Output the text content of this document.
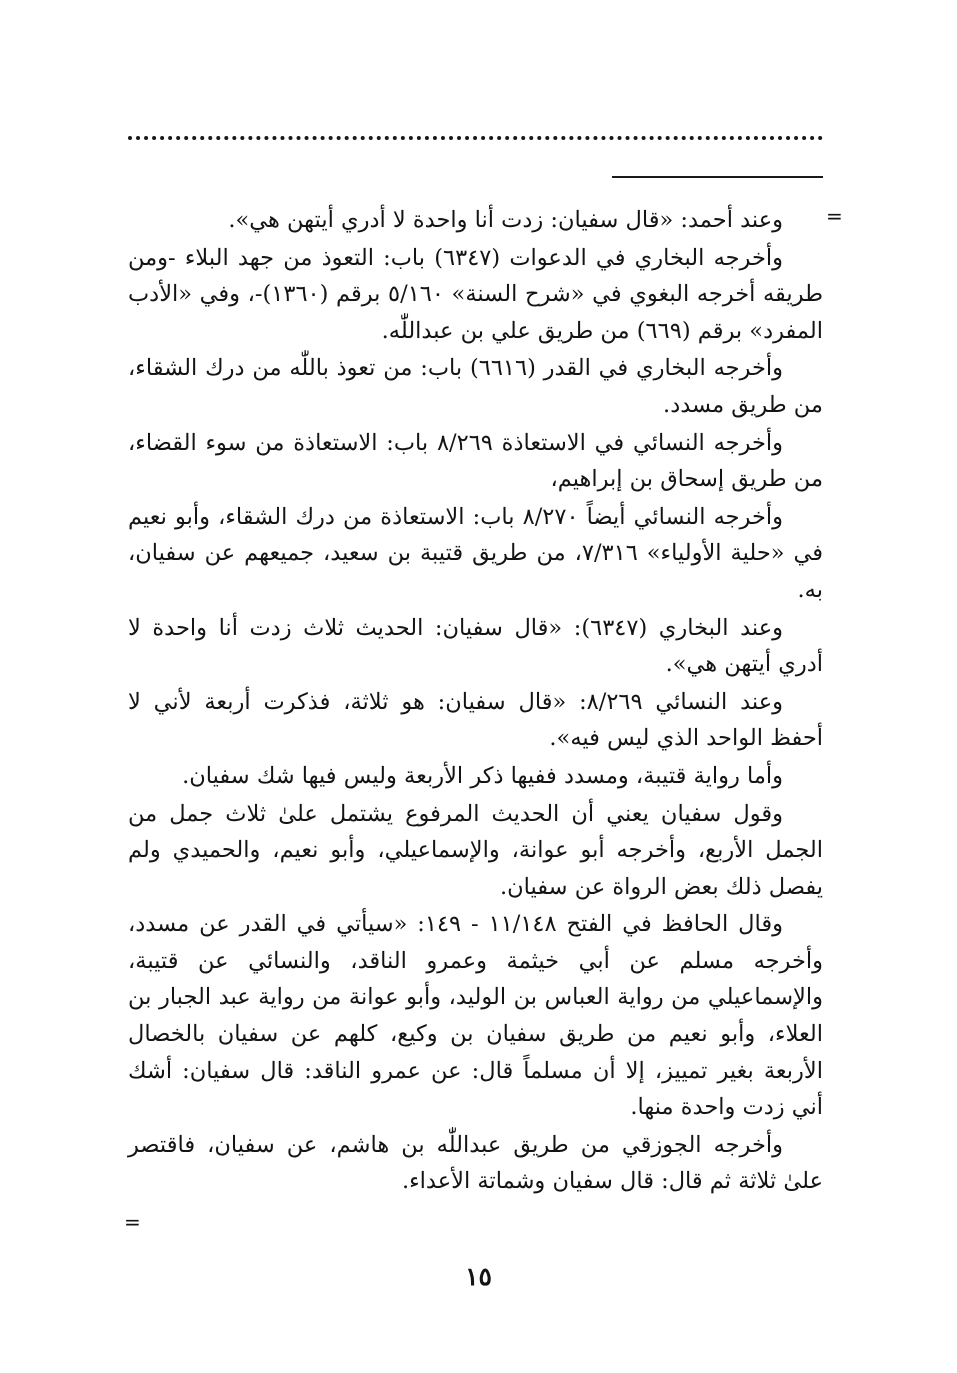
=

وعند أحمد: «قال سفيان: زدت أنا واحدة لا أدري أيتهن هي».

وأخرجه البخاري في الدعوات (٦٣٤٧) باب: التعوذ من جهد البلاء -ومن طريقه أخرجه البغوي في «شرح السنة» ٥/١٦٠ برقم (١٣٦٠)-، وفي «الأدب المفرد» برقم (٦٦٩) من طريق علي بن عبداللّٰه.

وأخرجه البخاري في القدر (٦٦١٦) باب: من تعوذ باللّٰه من درك الشقاء، من طريق مسدد.

وأخرجه النسائي في الاستعاذة ٨/٢٦٩ باب: الاستعاذة من سوء القضاء، من طريق إسحاق بن إبراهيم،

وأخرجه النسائي أيضاً ٨/٢٧٠ باب: الاستعاذة من درك الشقاء، وأبو نعيم في «حلية الأولياء» ٧/٣١٦، من طريق قتيبة بن سعيد، جميعهم عن سفيان، به.

وعند البخاري (٦٣٤٧): «قال سفيان: الحديث ثلاث زدت أنا واحدة لا أدري أيتهن هي».

وعند النسائي ٨/٢٦٩: «قال سفيان: هو ثلاثة، فذكرت أربعة لأني لا أحفظ الواحد الذي ليس فيه».

وأما رواية قتيبة، ومسدد ففيها ذكر الأربعة وليس فيها شك سفيان.

وقول سفيان يعني أن الحديث المرفوع يشتمل علىٰ ثلاث جمل من الجمل الأربع، وأخرجه أبو عوانة، والإسماعيلي، وأبو نعيم، والحميدي ولم يفصل ذلك بعض الرواة عن سفيان.

وقال الحافظ في الفتح ١١/١٤٨ - ١٤٩: «سيأتي في القدر عن مسدد، وأخرجه مسلم عن أبي خيثمة وعمرو الناقد، والنسائي عن قتيبة، والإسماعيلي من رواية العباس بن الوليد، وأبو عوانة من رواية عبد الجبار بن العلاء، وأبو نعيم من طريق سفيان بن وكيع، كلهم عن سفيان بالخصال الأربعة بغير تمييز، إلا أن مسلماً قال: عن عمرو الناقد: قال سفيان: أشك أني زدت واحدة منها.

وأخرجه الجوزقي من طريق عبداللّٰه بن هاشم، عن سفيان، فاقتصر علىٰ ثلاثة ثم قال: قال سفيان وشماتة الأعداء.

=
١٥
